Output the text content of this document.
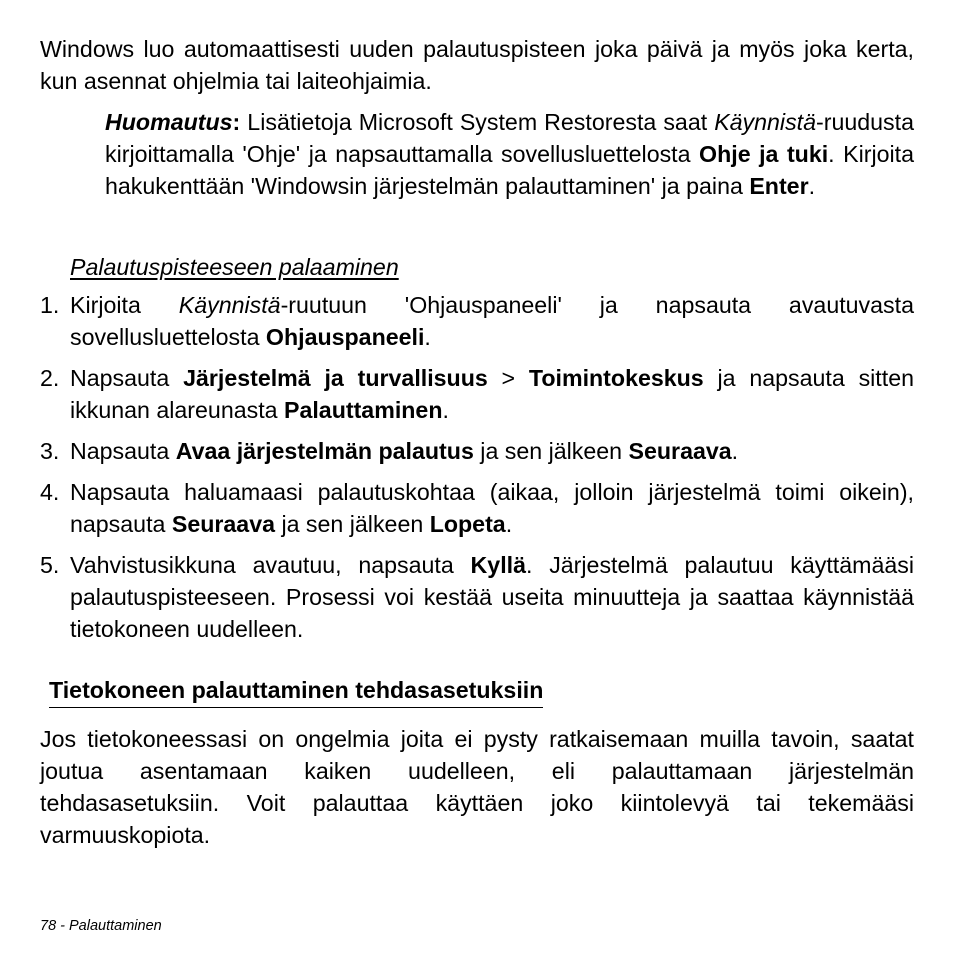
Windows luo automaattisesti uuden palautuspisteen joka päivä ja myös joka kerta, kun asennat ohjelmia tai laiteohjaimia.

Huomautus: Lisätietoja Microsoft System Restoresta saat Käynnistä-ruudusta kirjoittamalla 'Ohje' ja napsauttamalla sovellusluettelosta Ohje ja tuki. Kirjoita hakukenttään 'Windowsin järjestelmän palauttaminen' ja paina Enter.

Palautuspisteeseen palaaminen

1. Kirjoita Käynnistä-ruutuun 'Ohjauspaneeli' ja napsauta avautuvasta sovellusluettelosta Ohjauspaneeli.
2. Napsauta Järjestelmä ja turvallisuus > Toimintokeskus ja napsauta sitten ikkunan alareunasta Palauttaminen.
3. Napsauta Avaa järjestelmän palautus ja sen jälkeen Seuraava.
4. Napsauta haluamaasi palautuskohtaa (aikaa, jolloin järjestelmä toimi oikein), napsauta Seuraava ja sen jälkeen Lopeta.
5. Vahvistusikkuna avautuu, napsauta Kyllä. Järjestelmä palautuu käyttämääsi palautuspisteeseen. Prosessi voi kestää useita minuutteja ja saattaa käynnistää tietokoneen uudelleen.

Tietokoneen palauttaminen tehdasasetuksiin

Jos tietokoneessasi on ongelmia joita ei pysty ratkaisemaan muilla tavoin, saatat joutua asentamaan kaiken uudelleen, eli palauttamaan järjestelmän tehdasasetuksiin. Voit palauttaa käyttäen joko kiintolevyä tai tekemääsi varmuuskopiota.

78 - Palauttaminen
